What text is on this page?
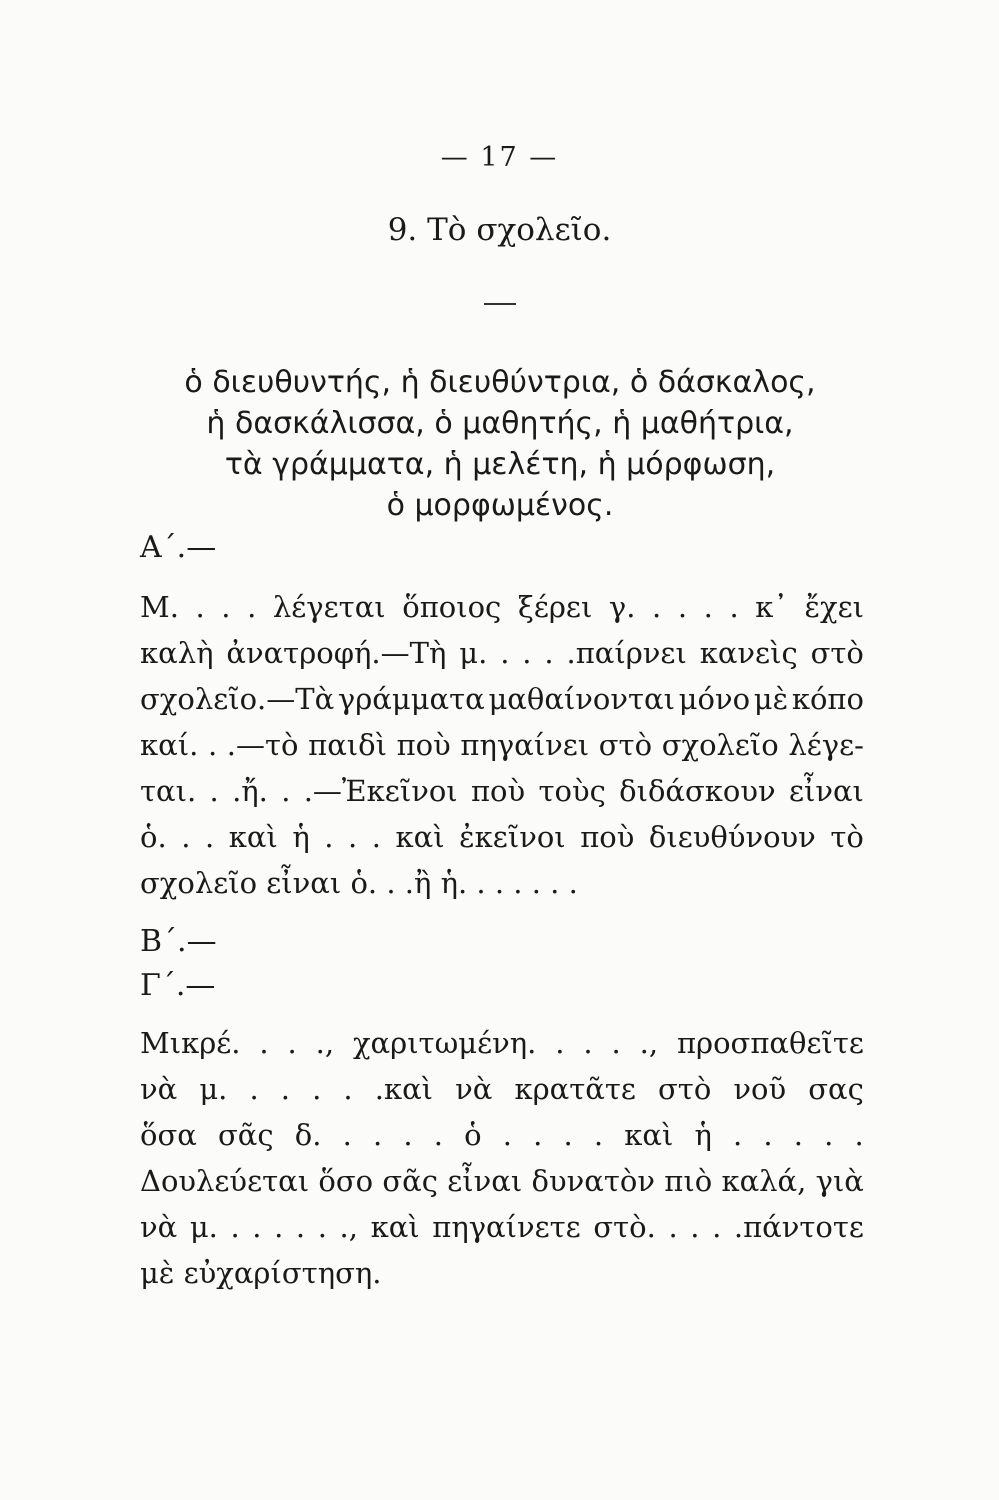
— 17 —
9. Τὸ σχολεῖο.
ὁ διευθυντής, ἡ διευθύντρια, ὁ δάσκαλος,
ἡ δασκάλισσα, ὁ μαθητής, ἡ μαθήτρια,
τὰ γράμματα, ἡ μελέτη, ἡ μόρφωση,
ὁ μορφωμένος.
Α΄.—
Μ. . . . λέγεται ὅποιος ξέρει γ. . . . . κ᾿ ἔχει
καλὴ ἀνατροφή.—Τὴ μ. . . . .παίρνει κανεὶς στὸ
σχολεῖο.—Τὰ γράμματα μαθαίνονται μόνο μὲ κόπο
καί. . .—τὸ παιδὶ ποὺ πηγαίνει στὸ σχολεῖο λέγε-
ται. . .ἤ. . .—Ἐκεῖνοι ποὺ τοὺς διδάσκουν εἶναι
ὁ. . . καὶ ἡ . . . καὶ ἐκεῖνοι ποὺ διευθύνουν τὸ
σχολεῖο εἶναι ὁ. . .ἢ ἡ. . . . . . .
Β΄.—
Γ΄.—
Μικρέ. . . ., χαριτωμένη. . . . ., προσπαθεῖτε
νὰ μ. . . . . .καὶ νὰ κρατᾶτε στὸ νοῦ σας
ὅσα σᾶς δ. . . . . ὁ . . . . καὶ ἡ . . . . .
Δουλεύεται ὅσο σᾶς εἶναι δυνατὸν πιὸ καλά, γιὰ
νὰ μ. . . . . . ., καὶ πηγαίνετε στὸ. . . . .πάντοτε
μὲ εὐχαρίστηση.
